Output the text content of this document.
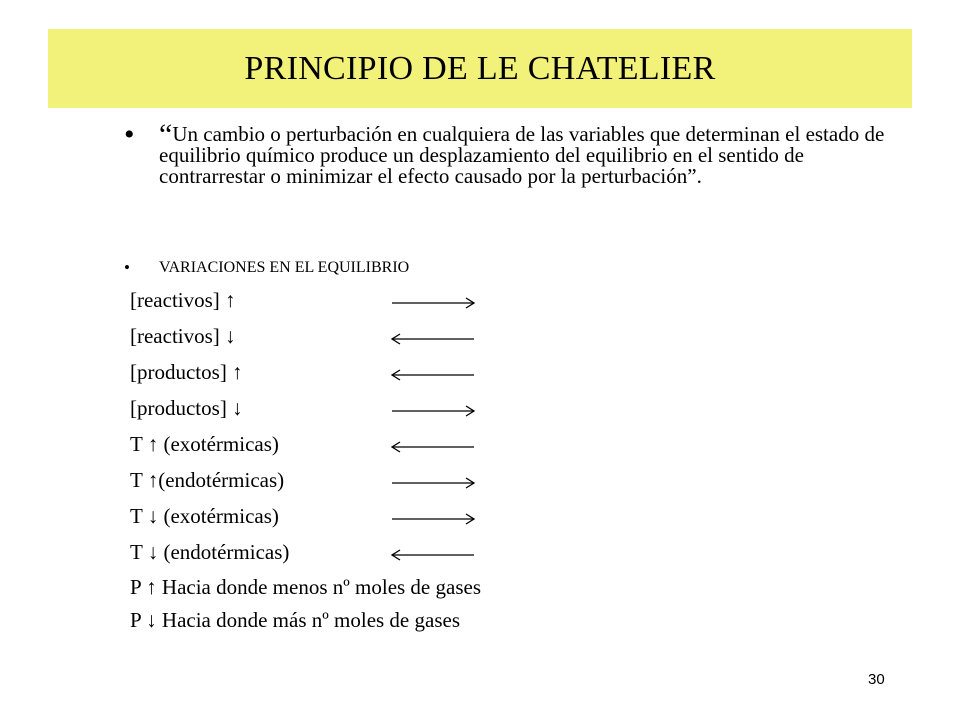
PRINCIPIO DE LE CHATELIER
• “Un cambio o perturbación en cualquiera de las variables que determinan el estado de equilibrio químico produce un desplazamiento del equilibrio en el sentido de contrarrestar o minimizar el efecto causado por la perturbación”.
• VARIACIONES EN EL EQUILIBRIO
[reactivos] ↑
[reactivos] ↓
[productos] ↑
[productos] ↓
T ↑ (exotérmicas)
T ↑(endotérmicas)
T ↓ (exotérmicas)
T ↓ (endotérmicas)
P ↑ Hacia donde menos nº moles de gases
P ↓ Hacia donde más nº moles de gases
30
